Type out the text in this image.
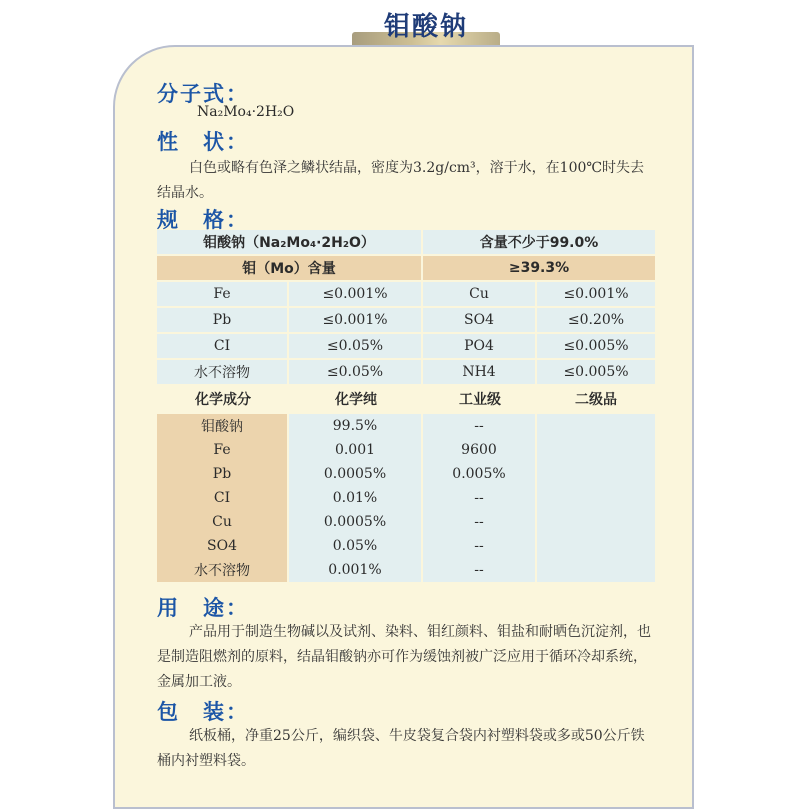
钼酸钠
分子式：
Na₂Mo₄·2H₂O
性　状：
白色或略有色泽之鳞状结晶，密度为3.2g/cm³，溶于水，在100℃时失去结晶水。
规　格：
钼酸钠（Na₂Mo₄·2H₂O）		含量不少于99.0%	
钼（Mo）含量		≥39.3%	
Fe	≤0.001%	Cu	≤0.001%
Pb	≤0.001%	SO4	≤0.20%
CI	≤0.05%	PO4	≤0.005%
水不溶物	≤0.05%	NH4	≤0.005%
化学成分	化学纯	工业级	二级品
钼酸钠	99.5%	--	
Fe	0.001	9600	
Pb	0.0005%	0.005%	
CI	0.01%	--	
Cu	0.0005%	--	
SO4	0.05%	--	
水不溶物	0.001%	--	
用　途：
产品用于制造生物碱以及试剂、染料、钼红颜料、钼盐和耐晒色沉淀剂，也是制造阻燃剂的原料，结晶钼酸钠亦可作为缓蚀剂被广泛应用于循环冷却系统，金属加工液。
包　装：
纸板桶，净重25公斤，编织袋、牛皮袋复合袋内衬塑料袋或多或50公斤铁桶内衬塑料袋。
